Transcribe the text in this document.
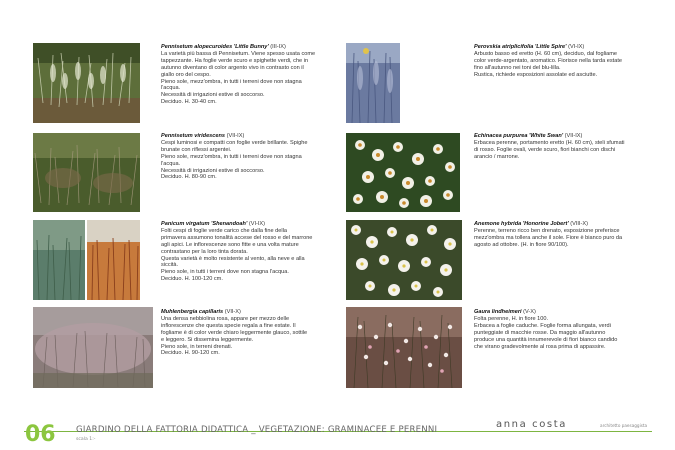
Pennisetum alopecuroides 'Little Bunny' (III-IX)

La varietà più bassa di Pennisetum. Viene spesso usata come

tappezzante. Ha foglie verde scuro e spighette verdi, che in

autunno diventano di color argento vivo in contrasto con il

giallo oro del cespo.

Pieno sole, mezz'ombra, in tutti i terreni dove non stagna

l'acqua.

Necessità di irrigazioni estive di soccorso.

Deciduo. H. 30-40 cm.

Pennisetum viridescens (VII-IX)

Cespi luminosi e compatti con foglie verde brillante. Spighe

brunate con riflessi argentei.

Pieno sole, mezz'ombra, in tutti i terreni dove non stagna

l'acqua.

Necessità di irrigazioni estive di soccorso.

Deciduo. H. 80-90 cm.

Panicum virgatum 'Shenandoah' (VI-IX)

Folti cespi di foglie verde carico che dalla fine della

primavera assumono tonalità accese del rosso e del marrone

agli apici. Le inflorescenze sono fitte e una volta mature

contrastano per la loro tinta dorata.

Questa varietà è molto resistente al vento, alla neve e alla

siccità.

Pieno sole, in tutti i terreni dove non stagna l'acqua.

Deciduo. H. 100-120 cm.

Muhlenbergia capillaris (VII-X)

Una densa nebbiolina rosa, appare per mezzo delle

inflorescenze che questa specie regala a fine estate. Il

fogliame è di color verde chiaro leggermente glauco, sottile

e leggero. Si dissemina leggermente.

Pieno sole, in terreni drenati.

Deciduo. H. 90-120 cm.

Perovskia atriplicifolia 'Little Spire' (VI-IX)

Arbusto basso ed eretto (H. 60 cm), deciduo, dal fogliame

color verde-argentato, aromatico. Fiorisce nella tarda estate

fino all'autunno nei toni del blu-lilla.

Rustica, richiede esposizioni assolate ed asciutte.

Echinacea purpurea 'White Swan' (VII-IX)

Erbacea perenne, portamento eretto (H. 60 cm), steli sfumati

di rosso. Foglie ovali, verde scuro, fiori bianchi con dischi

arancio / marrone.

Anemone hybrida 'Honorine Jobert' (VIII-X)

Perenne, terreno ricco ben drenato, esposizione preferisce

mezz'ombra ma tollera anche il sole. Fiore è bianco puro da

agosto ad ottobre. (H. in fiore 90/100).

Gaura lindheimeri (V-X)

Folta perenne, H. in fiore 100.

Erbacea a foglie caduche. Foglie forma allungata, verdi

punteggiate di macchie rosse. Da maggio all'autunno

produce una quantità innumerevole di fiori bianco candido

che virano gradevolmente al rosa prima di appassire.

anna costa	architetto paesaggista
06 GIARDINO DELLA FATTORIA DIDATTICA _ VEGETAZIONE: GRAMINACEE E PERENNI
scala 1:-
